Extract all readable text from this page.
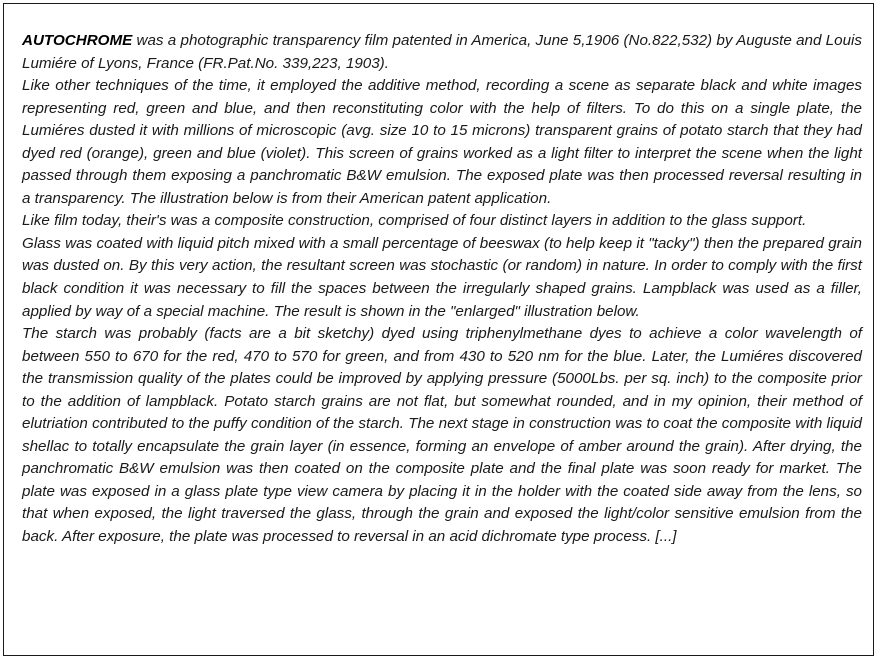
AUTOCHROME was a photographic transparency film patented in America, June 5,1906 (No.822,532) by Auguste and Louis Lumiére of Lyons, France (FR.Pat.No. 339,223, 1903).

Like other techniques of the time, it employed the additive method, recording a scene as separate black and white images representing red, green and blue, and then reconstituting color with the help of filters. To do this on a single plate, the Lumiéres dusted it with millions of microscopic (avg. size 10 to 15 microns) transparent grains of potato starch that they had dyed red (orange), green and blue (violet). This screen of grains worked as a light filter to interpret the scene when the light passed through them exposing a panchromatic B&W emulsion. The exposed plate was then processed reversal resulting in a transparency. The illustration below is from their American patent application.

Like film today, their's was a composite construction, comprised of four distinct layers in addition to the glass support.

Glass was coated with liquid pitch mixed with a small percentage of beeswax (to help keep it "tacky") then the prepared grain was dusted on. By this very action, the resultant screen was stochastic (or random) in nature. In order to comply with the first black condition it was necessary to fill the spaces between the irregularly shaped grains. Lampblack was used as a filler, applied by way of a special machine. The result is shown in the "enlarged" illustration below.

The starch was probably (facts are a bit sketchy) dyed using triphenylmethane dyes to achieve a color wavelength of between 550 to 670 for the red, 470 to 570 for green, and from 430 to 520 nm for the blue. Later, the Lumiéres discovered the transmission quality of the plates could be improved by applying pressure (5000Lbs. per sq. inch) to the composite prior to the addition of lampblack. Potato starch grains are not flat, but somewhat rounded, and in my opinion, their method of elutriation contributed to the puffy condition of the starch. The next stage in construction was to coat the composite with liquid shellac to totally encapsulate the grain layer (in essence, forming an envelope of amber around the grain). After drying, the panchromatic B&W emulsion was then coated on the composite plate and the final plate was soon ready for market. The plate was exposed in a glass plate type view camera by placing it in the holder with the coated side away from the lens, so that when exposed, the light traversed the glass, through the grain and exposed the light/color sensitive emulsion from the back. After exposure, the plate was processed to reversal in an acid dichromate type process. [...]
